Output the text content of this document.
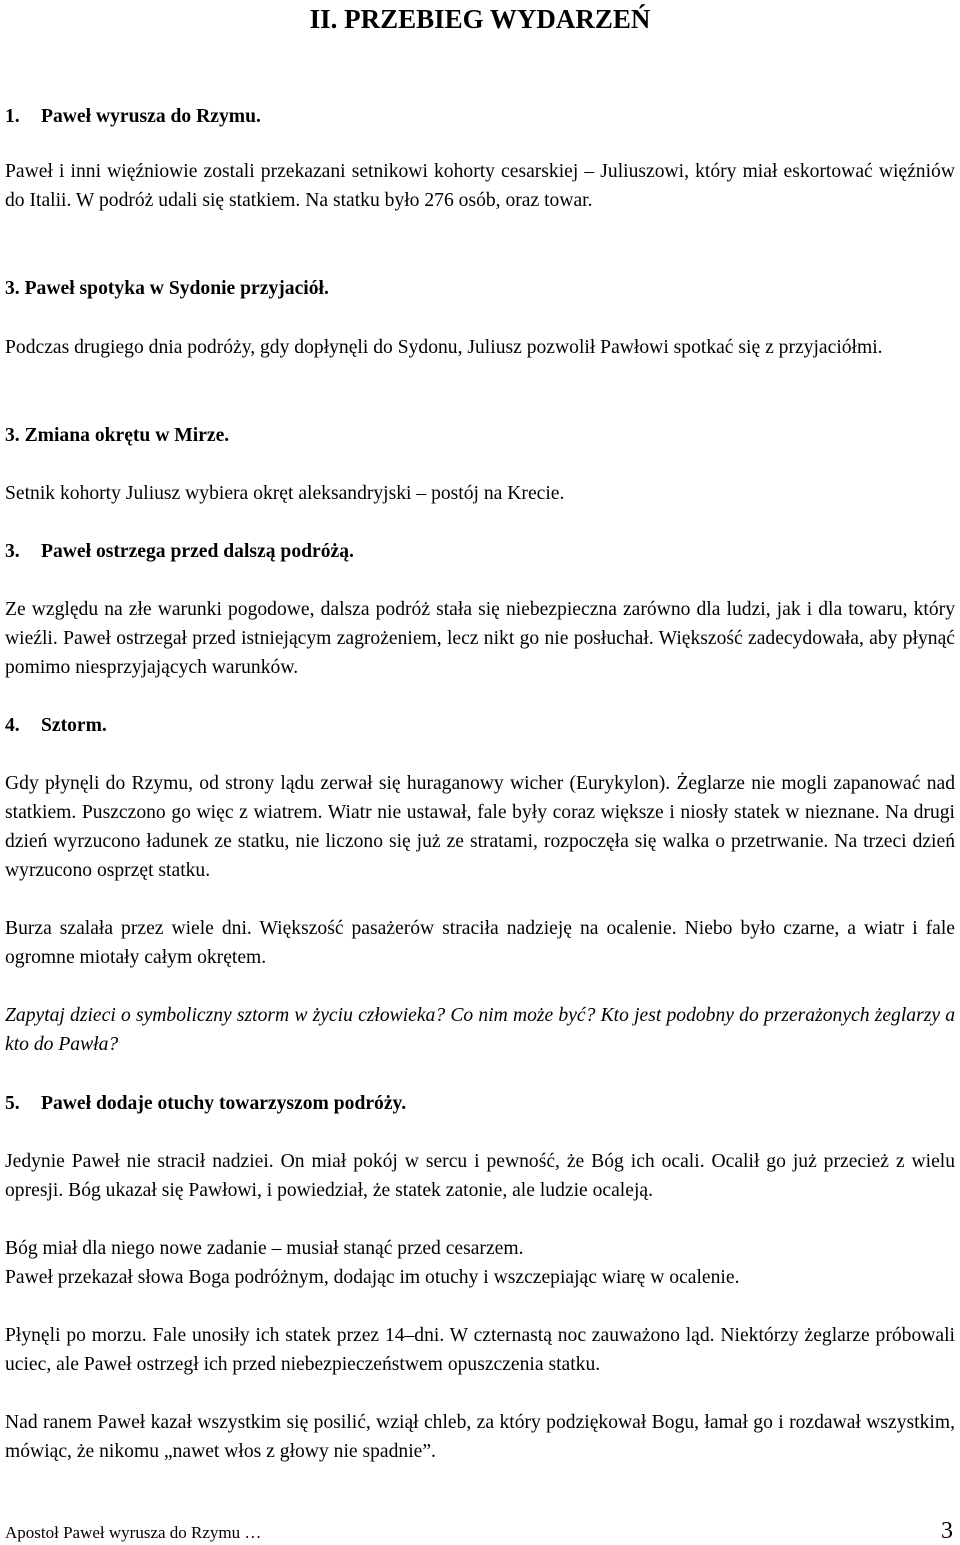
II. PRZEBIEG WYDARZEŃ
1. Paweł wyrusza do Rzymu.

Paweł i inni więźniowie zostali przekazani setnikowi kohorty cesarskiej – Juliuszowi, który miał eskortować więźniów do Italii. W podróż udali się statkiem. Na statku było 276 osób, oraz towar.

3. Paweł spotyka w Sydonie przyjaciół.

Podczas drugiego dnia podróży, gdy dopłynęli do Sydonu, Juliusz pozwolił Pawłowi spotkać się z przyjaciółmi.

3. Zmiana okrętu w Mirze.

Setnik kohorty Juliusz wybiera okręt aleksandryjski – postój na Krecie.

3. Paweł ostrzega przed dalszą podróżą.

Ze względu na złe warunki pogodowe, dalsza podróż stała się niebezpieczna zarówno dla ludzi, jak i dla towaru, który wieźli. Paweł ostrzegał przed istniejącym zagrożeniem, lecz nikt go nie posłuchał. Większość zadecydowała, aby płynąć pomimo niesprzyjających warunków.

4. Sztorm.

Gdy płynęli do Rzymu, od strony lądu zerwał się huraganowy wicher (Eurykylon). Żeglarze nie mogli zapanować nad statkiem. Puszczono go więc z wiatrem. Wiatr nie ustawał, fale były coraz większe i niosły statek w nieznane. Na drugi dzień wyrzucono ładunek ze statku, nie liczono się już ze stratami, rozpoczęła się walka o przetrwanie. Na trzeci dzień wyrzucono osprzęt statku.

Burza szalała przez wiele dni. Większość pasażerów straciła nadzieję na ocalenie. Niebo było czarne, a wiatr i fale ogromne miotały całym okrętem.

Zapytaj dzieci o symboliczny sztorm w życiu człowieka? Co nim może być? Kto jest podobny do przerażonych żeglarzy a kto do Pawła?

5. Paweł dodaje otuchy towarzyszom podróży.

Jedynie Paweł nie stracił nadziei. On miał pokój w sercu i pewność, że Bóg ich ocali. Ocalił go już przecież z wielu opresji. Bóg ukazał się Pawłowi, i powiedział, że statek zatonie, ale ludzie ocaleją.

Bóg miał dla niego nowe zadanie – musiał stanąć przed cesarzem.

Paweł przekazał słowa Boga podróżnym, dodając im otuchy i wszczepiając wiarę w ocalenie.

Płynęli po morzu. Fale unosiły ich statek przez 14–dni. W czternastą noc zauważono ląd. Niektórzy żeglarze próbowali uciec, ale Paweł ostrzegł ich przed niebezpieczeństwem opuszczenia statku.

Nad ranem Paweł kazał wszystkim się posilić, wziął chleb, za który podziękował Bogu, łamał go i rozdawał wszystkim, mówiąc, że nikomu „nawet włos z głowy nie spadnie”.

Apostoł Paweł wyrusza do Rzymu …	3
